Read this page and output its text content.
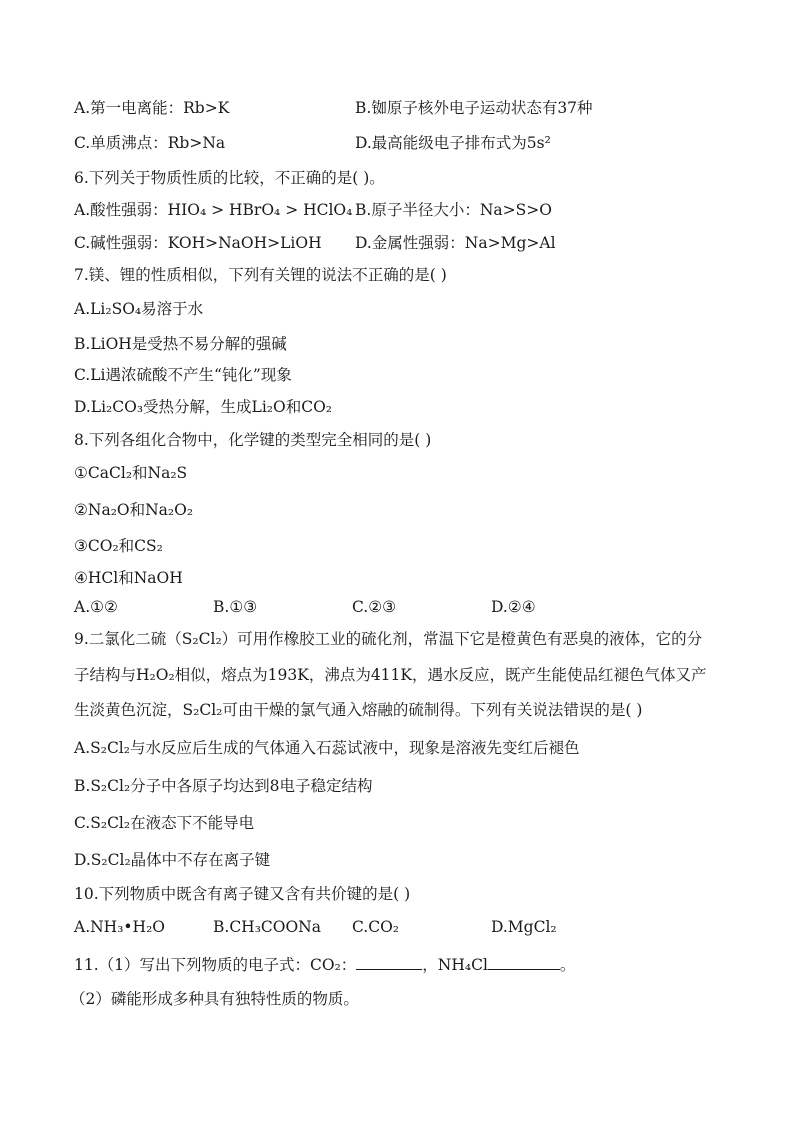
A.第一电离能：Rb>K	B.铷原子核外电子运动状态有37种
C.单质沸点：Rb>Na	D.最高能级电子排布式为5s²
6.下列关于物质性质的比较，不正确的是( )。
A.酸性强弱：HIO₄ > HBrO₄ > HClO₄ B.原子半径大小：Na>S>O
C.碱性强弱：KOH>NaOH>LiOH D.金属性强弱：Na>Mg>Al
7.镁、锂的性质相似，下列有关锂的说法不正确的是( )
A.Li₂SO₄易溶于水
B.LiOH是受热不易分解的强碱
C.Li遇浓硫酸不产生“钝化”现象
D.Li₂CO₃受热分解，生成Li₂O和CO₂
8.下列各组化合物中，化学键的类型完全相同的是( )
①CaCl₂和Na₂S
②Na₂O和Na₂O₂
③CO₂和CS₂
④HCl和NaOH
A.①②	B.①③	C.②③	D.②④
9.二氯化二硫（S₂Cl₂）可用作橡胶工业的硫化剂，常温下它是橙黄色有恶臭的液体，它的分
子结构与H₂O₂相似，熔点为193K，沸点为411K，遇水反应，既产生能使品红褪色气体又产
生淡黄色沉淀，S₂Cl₂可由干燥的氯气通入熔融的硫制得。下列有关说法错误的是( )
A.S₂Cl₂与水反应后生成的气体通入石蕊试液中，现象是溶液先变红后褪色
B.S₂Cl₂分子中各原子均达到8电子稳定结构
C.S₂Cl₂在液态下不能导电
D.S₂Cl₂晶体中不存在离子键
10.下列物质中既含有离子键又含有共价键的是( )
A.NH₃•H₂O	B.CH₃COONa C.CO₂	D.MgCl₂
11.（1）写出下列物质的电子式：CO₂：	，NH₄Cl	。
（2）磷能形成多种具有独特性质的物质。
